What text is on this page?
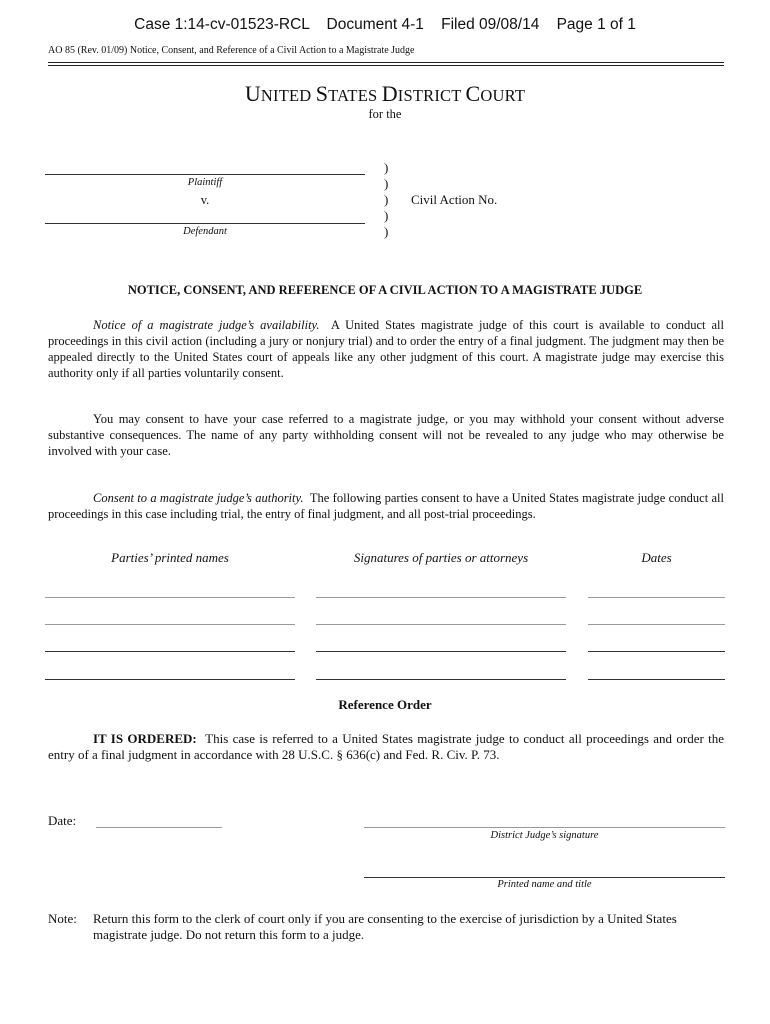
Case 1:14-cv-01523-RCL    Document 4-1    Filed 09/08/14    Page 1 of 1
AO 85 (Rev. 01/09) Notice, Consent, and Reference of a Civil Action to a Magistrate Judge
UNITED STATES DISTRICT COURT
for the
Plaintiff
v.
Defendant
)
)
)
)
)
Civil Action No.
NOTICE, CONSENT, AND REFERENCE OF A CIVIL ACTION TO A MAGISTRATE JUDGE
Notice of a magistrate judge’s availability. A United States magistrate judge of this court is available to conduct all proceedings in this civil action (including a jury or nonjury trial) and to order the entry of a final judgment. The judgment may then be appealed directly to the United States court of appeals like any other judgment of this court. A magistrate judge may exercise this authority only if all parties voluntarily consent.
You may consent to have your case referred to a magistrate judge, or you may withhold your consent without adverse substantive consequences. The name of any party withholding consent will not be revealed to any judge who may otherwise be involved with your case.
Consent to a magistrate judge’s authority. The following parties consent to have a United States magistrate judge conduct all proceedings in this case including trial, the entry of final judgment, and all post-trial proceedings.
Parties’ printed names	Signatures of parties or attorneys	Dates
Reference Order
IT IS ORDERED: This case is referred to a United States magistrate judge to conduct all proceedings and order the entry of a final judgment in accordance with 28 U.S.C. § 636(c) and Fed. R. Civ. P. 73.
Date:
District Judge’s signature
Printed name and title
Note: Return this form to the clerk of court only if you are consenting to the exercise of jurisdiction by a United States magistrate judge. Do not return this form to a judge.
